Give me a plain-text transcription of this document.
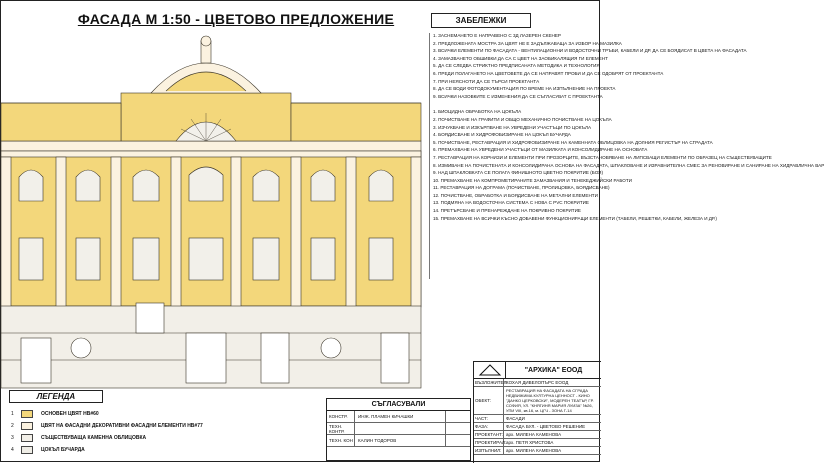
ФАСАДА М 1:50 - ЦВЕТОВО ПРЕДЛОЖЕНИЕ	ЗАБЕЛЕЖКИ
1. ЗАСНЕМАНЕТО Е НАПРАВЕНО С 3Д ЛАЗЕРЕН СКЕНЕР
2. ПРЕДЛОЖЕНАТА МОСТРА ЗА ЦВЯТ НЕ Е ЗАДЪЛЖАВАЩА ЗА ИЗБОР НА МАЗИЛКА
3. ВСИЧКИ ЕЛЕМЕНТИ ПО ФАСАДАТА - ВЕНТИЛАЦИОННИ И ВОДОСТОЧНИ ТРЪБИ, КАБЕЛИ И ДР. ДА СЕ БОЯДИСАТ В ЦВЕТА НА ФАСАДАТА
4. ЗАМАЗВАНЕТО ОБШИВКИ ДА СА С ЦВЕТ НА ЗАОБИКАЛЯЩИЯ ГИ ЕЛЕМЕНТ
5. ДА СЕ СЛЕДВА СТРИКТНО ПРЕДПИСАНАТА МЕТОДИКА И ТЕХНОЛОГИЯ
6. ПРЕДИ ПОЛАГАНЕТО НА ЦВЕТОВЕТЕ ДА СЕ НАПРАВЯТ ПРОБИ И ДА СЕ ОДОБРЯТ ОТ ПРОЕКТАНТА
7. ПРИ НЕЯСНОТИ ДА СЕ ТЪРСИ ПРОЕКТАНТА
8. ДА СЕ ВОДИ ФОТОДОКУМЕНТАЦИЯ ПО ВРЕМЕ НА ИЗПЪЛНЕНИЕ НА ПРОЕКТА
9. ВСИЧКИ НАЗОВКИТЕ С ИЗМЕНЕНИЯ ДА СЕ СЪГЛАСУВАТ С ПРОЕКТАНТА
1. БИОЦИДНА ОБРАБОТКА НА ЦОКЪЛА
2. ПОЧИСТВАНЕ НА ГРАФИТИ И ОБЩО МЕХАНИЧНО ПОЧИСТВАНЕ НА ЦОКЪЛА
3. ИЗЧУКВАНЕ И ИЗКЪРПВАНЕ НА УВРЕДЕНИ УЧАСТЪЦИ ПО ЦОКЪЛА
4. БОЯДИСВАНЕ И ХИДРОФОБИЗИРАНЕ НА ЦОКЪЛ БУЧАРДА
5. ПОЧИСТВАНЕ, РЕСТАВРАЦИЯ И ХИДРОФОБИЗИРАНЕ НА КАМЕННАТА ОБЛИЦОВКА НА ДОЛНИЯ РЕГИСТЪР НА СГРАДАТА
6. ПРЕМАХВАНЕ НА УВРЕДЕНИ УЧАСТЪЦИ ОТ МАЗИЛКАТА И КОНСОЛИДИРАНЕ НА ОСНОВАТА
7. РЕСТАВРАЦИЯ НА КОРНИЗИ И ЕЛЕМЕНТИ ПРИ ПРОЗОРЦИТЕ, ВЪЗСТАНОВЯВАНЕ НА ЛИПСВАЩИ ЕЛЕМЕНТИ ПО ОБРАЗЕЦ НА СЪЩЕСТВУВАЩИТЕ
8. ИЗМИВАНЕ НА ПОЧИСТЕНАТА И КОНСОЛИДИРАНА ОСНОВА НА ФАСАДАТА, ШПАКЛОВАНЕ И ИЗРАВНИТЕЛНА СМЕС ЗА РЕНОВИРАНЕ И САНИРАНЕ НА ХИДРАВЛИЧНА ВАР
9. НАД ШПАКЛОВКАТА СЕ ПОЛАГА ФИНИШНОТО ЦВЕТНО ПОКРИТИЕ (БОЯ)
10. ПРЕМАХВАНЕ НА КОМПРОМЕТИРАНИТЕ ЗАМАЗВАНИЯ И ТЕНЕКЕДЖИЙСКИ РАБОТИ
11. РЕСТАВРАЦИЯ НА ДОГРАМА (ПОЧИСТВАНЕ, ПРОЛИЦОВКА, БОЯДИСВАНЕ)
12. ПОЧИСТВАНЕ, ОБРАБОТКА И БОЯДИСВАНЕ НА МЕТАЛНИ ЕЛЕМЕНТИ
13. ПОДМЯНА НА ВОДОСТОЧНА СИСТЕМА С НОВА С PVC ПОКРИТИЕ
14. ПРЕТЪРСВАНЕ И ПРЕНАРЕЖДАНЕ НА ПОКРИВНО ПОКРИТИЕ
15. ПРЕМАХВАНЕ НА ВСИЧКИ КЪСНО ДОБАВЕНИ ФУНКЦИОНИРАЩИ ЕЛЕМЕНТИ (ТАБЕЛИ, РЕШЕТКИ, КАБЕЛИ, ЖЕЛЕЗА И ДР.)
ЛЕГЕНДА
1	ОСНОВЕН ЦВЯТ НВ#60
2	ЦВЯТ НА ФАСАДНИ ДЕКОРАТИВНИ ФАСАДНИ ЕЛЕМЕНТИ НВ#77
3	СЪЩЕСТВУВАЩА КАМЕННА ОБЛИЦОВКА
4	ЦОКЪЛ БУЧАРДА
СЪГЛАСУВАЛИ
КОНСТР.	ИНЖ. ПЛАМЕН КИЧАШКИ
ТЕХН. КОНТР.
ТЕХН. КОН	КАЛИН ТОДОРОВ
"АРХИКА" ЕООД
ВЪЗЛОЖИТЕЛ:
КОХАЯ ДИВЕЛОПЪРС ЕООД
ОБЕКТ:
РЕСТАВРАЦИЯ НА ФАСАДАТА НА СГРАДА НЕДВИЖИМА КУЛТУРНА ЦЕННОСТ - КИНО "ДАНКО ЦЕРКОВСКИ", МОДЕРЕН ТЕАТЪР, ГР. СОФИЯ, УЛ. "КНЯГИНЯ МАРИЯ ЛУИЗА" №26, УПИ VIII, кв.16, м. ЦГЧ - ЗОНА Г-14
ЧАСТ:	ФАСАДИ
ФАЗА:	ФАСАДА БУЛ. - ЦВЕТОВО РЕШЕНИЕ
ПРОЕКТАНТ: арх. МИЛЕНА КАМЕНОВА
ПРОЕКТИРАЛ: арх. ПЕТЯ ХРИСТОВА
ИЗПЪЛНИЛ:	арх. МИЛЕНА КАМЕНОВА
